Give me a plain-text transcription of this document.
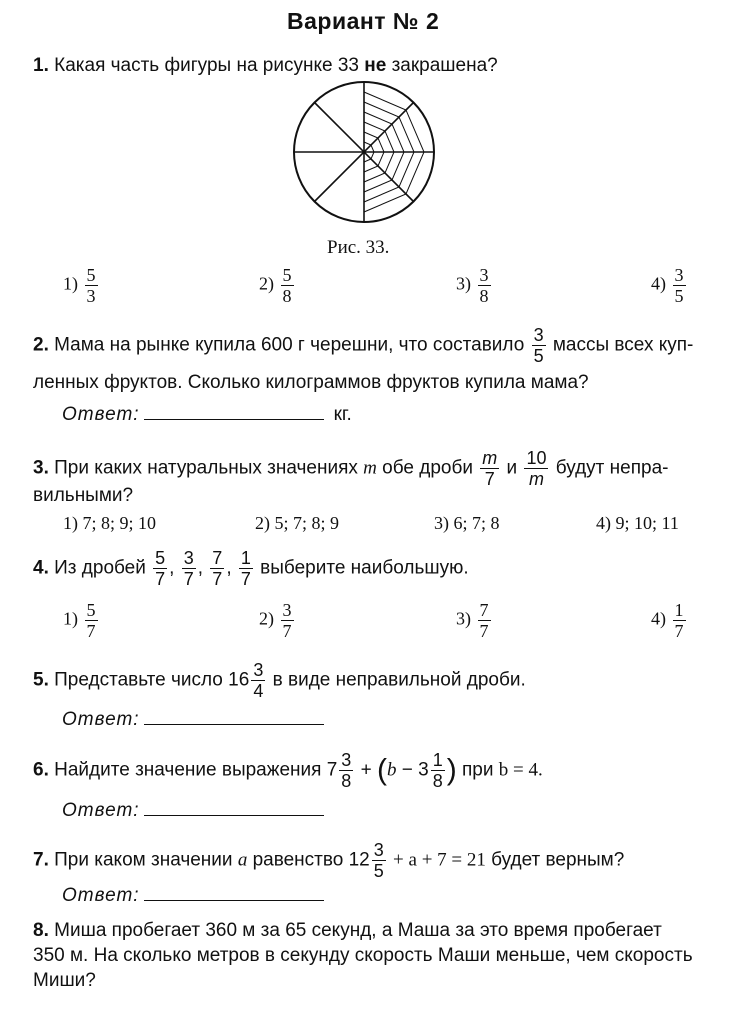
Вариант № 2
1. Какая часть фигуры на рисунке 33 не закрашена?
Рис. 33.
$1) \frac{5}{3}$	$2) \frac{5}{8}$	$3) \frac{3}{8}$	$4) \frac{3}{5}$
2. Мама на рынке купила 600 г черешни, что составило $\frac{3}{5}$ массы всех куп-
ленных фруктов. Сколько килограммов фруктов купила мама?
Ответ:	кг.
3. При каких натуральных значениях m обе дроби $\frac{m}{7}$ и $\frac{10}{m}$ будут непра-
вильными?
1) 7; 8; 9; 10	2) 5; 7; 8; 9	3) 6; 7; 8	4) 9; 10; 11
4. Из дробей $\frac{5}{7}$ , $\frac{3}{7}$ , $\frac{7}{7}$ , $\frac{1}{7}$ выберите наибольшую.
$1) \frac{5}{7}$	$2) \frac{3}{7}$	$3) \frac{7}{7}$	$4) \frac{1}{7}$
5. Представьте число $16 \frac{3}{4}$ в виде неправильной дроби.
Ответ:
6. Найдите значение выражения $7 \frac{3}{8} + (b - 3 \frac{1}{8}$ ) при b = 4.
Ответ:
7. При каком значении a равенство $12 \frac{3}{5} + a + 7 = 21$ будет верным?
Ответ:
8. Миша пробегает 360 м за 65 секунд, а Маша за это время пробегает
350 м. На сколько метров в секунду скорость Маши меньше, чем скорость
Миши?
